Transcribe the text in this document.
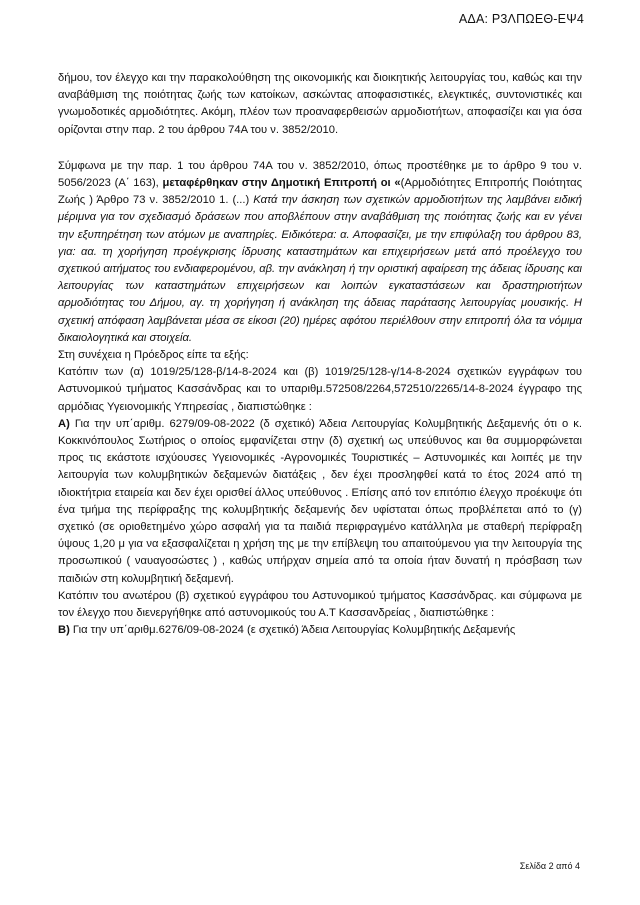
ΑΔΑ: Ρ3ΛΠΩΕΘ-ΕΨ4

δήμου, τον έλεγχο και την παρακολούθηση της οικονομικής και διοικητικής λειτουργίας του, καθώς και την αναβάθμιση της ποιότητας ζωής των κατοίκων, ασκώντας αποφασιστικές, ελεγκτικές, συντονιστικές και γνωμοδοτικές αρμοδιότητες. Ακόμη, πλέον των προαναφερθεισών αρμοδιοτήτων, αποφασίζει και για όσα ορίζονται στην παρ. 2 του άρθρου 74Α του ν. 3852/2010.

Σύμφωνα με την παρ. 1 του άρθρου 74Α του ν. 3852/2010, όπως προστέθηκε με το άρθρο 9 του ν. 5056/2023 (Α΄ 163), μεταφέρθηκαν στην Δημοτική Επιτροπή οι «(Αρμοδιότητες Επιτροπής Ποιότητας Ζωής ) Άρθρο 73 ν. 3852/2010 1. (...) Κατά την άσκηση των σχετικών αρμοδιοτήτων της λαμβάνει ειδική μέριμνα για τον σχεδιασμό δράσεων που αποβλέπουν στην αναβάθμιση της ποιότητας ζωής και εν γένει την εξυπηρέτηση των ατόμων με αναπηρίες. Ειδικότερα: α. Αποφασίζει, με την επιφύλαξη του άρθρου 83, για: αα. τη χορήγηση προέγκρισης ίδρυσης καταστημάτων και επιχειρήσεων μετά από προέλεγχο του σχετικού αιτήματος του ενδιαφερομένου, αβ. την ανάκληση ή την οριστική αφαίρεση της άδειας ίδρυσης και λειτουργίας των καταστημάτων επιχειρήσεων και λοιπών εγκαταστάσεων και δραστηριοτήτων αρμοδιότητας του Δήμου, αγ. τη χορήγηση ή ανάκληση της άδειας παράτασης λειτουργίας μουσικής. Η σχετική απόφαση λαμβάνεται μέσα σε είκοσι (20) ημέρες αφότου περιέλθουν στην επιτροπή όλα τα νόμιμα δικαιολογητικά και στοιχεία.

Στη συνέχεια η Πρόεδρος είπε τα εξής:

Κατόπιν των (α) 1019/25/128-β/14-8-2024 και (β) 1019/25/128-γ/14-8-2024 σχετικών εγγράφων του Αστυνομικού τμήματος Κασσάνδρας και το υπαριθμ.572508/2264,572510/2265/14-8-2024 έγγραφο της αρμόδιας Υγειονομικής Υπηρεσίας , διαπιστώθηκε :

Α) Για την υπ΄αριθμ. 6279/09-08-2022 (δ σχετικό) Άδεια Λειτουργίας Κολυμβητικής Δεξαμενής ότι ο κ. Κοκκινόπουλος Σωτήριος ο οποίος εμφανίζεται στην (δ) σχετική ως υπεύθυνος και θα συμμορφώνεται προς τις εκάστοτε ισχύουσες Υγειονομικές -Αγρονομικές Τουριστικές – Αστυνομικές και λοιπές με την λειτουργία των κολυμβητικών δεξαμενών διατάξεις , δεν έχει προσληφθεί κατά το έτος 2024 από τη ιδιοκτήτρια εταιρεία και δεν έχει ορισθεί άλλος υπεύθυνος . Επίσης από τον επιτόπιο έλεγχο προέκυψε ότι ένα τμήμα της περίφραξης της κολυμβητικής δεξαμενής δεν υφίσταται όπως προβλέπεται από το (γ) σχετικό (σε οριοθετημένο χώρο ασφαλή για τα παιδιά περιφραγμένο κατάλληλα με σταθερή περίφραξη ύψους 1,20 μ για να εξασφαλίζεται η χρήση της με την επίβλεψη του απαιτούμενου για την λειτουργία της προσωπικού ( ναυαγοσώστες ) , καθώς υπήρχαν σημεία από τα οποία ήταν δυνατή η πρόσβαση των παιδιών στη κολυμβητική δεξαμενή.

Κατόπιν του ανωτέρου (β) σχετικού εγγράφου του Αστυνομικού τμήματος Κασσάνδρας. και σύμφωνα με τον έλεγχο που διενεργήθηκε από αστυνομικούς του Α.Τ Κασσανδρείας , διαπιστώθηκε :

Β) Για την υπ΄αριθμ.6276/09-08-2024 (ε σχετικό) Άδεια Λειτουργίας Κολυμβητικής Δεξαμενής

Σελίδα 2 από 4
